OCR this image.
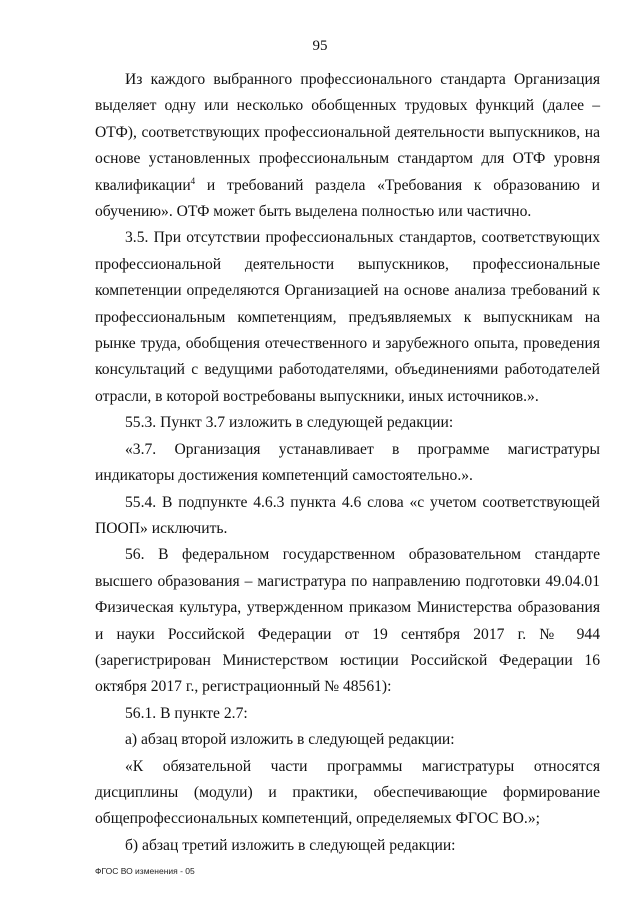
95

Из каждого выбранного профессионального стандарта Организация выделяет одну или несколько обобщенных трудовых функций (далее – ОТФ), соответствующих профессиональной деятельности выпускников, на основе установленных профессиональным стандартом для ОТФ уровня квалификации$^4$ и требований раздела «Требования к образованию и обучению». ОТФ может быть выделена полностью или частично.

3.5. При отсутствии профессиональных стандартов, соответствующих профессиональной деятельности выпускников, профессиональные компетенции определяются Организацией на основе анализа требований к профессиональным компетенциям, предъявляемых к выпускникам на рынке труда, обобщения отечественного и зарубежного опыта, проведения консультаций с ведущими работодателями, объединениями работодателей отрасли, в которой востребованы выпускники, иных источников.».

55.3. Пункт 3.7 изложить в следующей редакции:

«3.7. Организация устанавливает в программе магистратуры индикаторы достижения компетенций самостоятельно.».

55.4. В подпункте 4.6.3 пункта 4.6 слова «с учетом соответствующей ПООП» исключить.

56. В федеральном государственном образовательном стандарте высшего образования – магистратура по направлению подготовки 49.04.01 Физическая культура, утвержденном приказом Министерства образования и науки Российской Федерации от 19 сентября 2017 г. № 944 (зарегистрирован Министерством юстиции Российской Федерации 16 октября 2017 г., регистрационный № 48561):

56.1. В пункте 2.7:

а) абзац второй изложить в следующей редакции:

«К обязательной части программы магистратуры относятся дисциплины (модули) и практики, обеспечивающие формирование общепрофессиональных компетенций, определяемых ФГОС ВО.»;

б) абзац третий изложить в следующей редакции:

ФГОС ВО изменения - 05
